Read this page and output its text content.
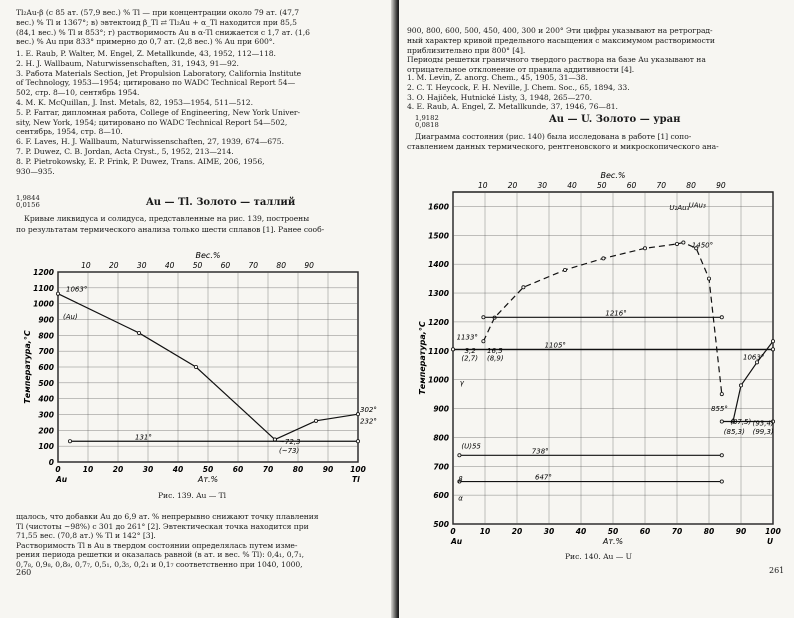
Tl₂Au-β (с 85 ат. (57,9 вес.) % Tl — при концентрации около 79 ат. (47,7
вес.) % Tl и 1367°; в) эвтектоид β_Tl ⇄ Tl₂Au + α_Tl находится при 85,5
(84,1 вес.) % Tl и 853°; г) растворимость Au в α-Tl снижается с 1,7 ат. (1,6
вес.) % Au при 833° примерно до 0,7 ат. (2,8 вес.) % Au при 600°.
1. E. Raub, P. Walter, M. Engel, Z. Metallkunde, 43, 1952, 112—118.
2. H. J. Wallbaum, Naturwissenschaften, 31, 1943, 91—92.
3. Работа Materials Section, Jet Propulsion Laboratory, California Institute
of Technology, 1953—1954; цитировано по WADC Technical Report 54—
502, стр. 8—10, сентябрь 1954.
4. M. K. McQuillan, J. Inst. Metals, 82, 1953—1954, 511—512.
5. P. Farrar, дипломная работа, College of Engineering, New York Univer-
sity, New York, 1954; цитировано по WADC Technical Report 54—502,
сентябрь, 1954, стр. 8—10.
6. F. Laves, H. J. Wallbaum, Naturwissenschaften, 27, 1939, 674—675.
7. P. Duwez, C. B. Jordan, Acta Cryst., 5, 1952, 213—214.
8. P. Pietrokowsky, E. P. Frink, P. Duwez, Trans. AIME, 206, 1956,
930—935.
1,9844
0,0156	Au — Tl. Золото — таллий
Кривые ликвидуса и солидуса, представленные на рис. 139, построены
по результатам термического анализа только шести сплавов [1]. Ранее сооб-
0
100
200
300
400
500
600
700
800
900
1000
1100
1200
0	10	20	30	40	50	60	70	80	90 100
10 20 30 40 50 60 70 80 90
Вес.%
Ат.%
Au	Tl
Температура,°C
1063°
(Au)
131°
~72,3
(~73)
302°
232°
Рис. 139. Au — Tl
щалось, что добавки Au до 6,9 ат. % непрерывно снижают точку плавления
Tl (чистоты ~98%) с 301 до 261° [2]. Эвтектическая точка находится при
71,55 вес. (70,8 ат.) % Tl и 142° [3].
Растворимость Tl в Au в твердом состоянии определялась путем изме-
рения периода решетки и оказалась равной (в ат. и вес. % Tl): 0,4₁, 0,7₁,
0,7₈, 0,9₈, 0,8₉, 0,7₇, 0,5₁, 0,3₅, 0,2₁ и 0,1₇ соответственно при 1040, 1000,
260
900, 800, 600, 500, 450, 400, 300 и 200° Эти цифры указывают на ретроград-
ный характер кривой предельного насыщения с максимумом растворимости
приблизительно при 800° [4].
Периоды решетки граничного твердого раствора на базе Au указывают на
отрицательное отклонение от правила аддитивности [4].
1. M. Levin, Z. anorg. Chem., 45, 1905, 31—38.
2. C. T. Heycock, F. H. Neville, J. Chem. Soc., 65, 1894, 33.
3. O. Hajiček, Hutnické Listy, 3, 1948, 265—270.
4. E. Raub, A. Engel, Z. Metallkunde, 37, 1946, 76—81.
1,9182
0,0818	Au — U. Золото — уран
Диаграмма состояния (рис. 140) была исследована в работе [1] сопо-
ставлением данных термического, рентгеновского и микроскопического ана-
500
600
700
800
900
1000
1100
1200
1300
1400
1500
1600
0	10	20	30	40	50	60	70	80	90	100
10	20	30	40	50	60	70	80	90
Вес.%
Ат.%
Au	U
Температура,°C
1450°
1216°
1133°
1105°
1063°
855°
738°
647°
U₂Au₃ UAu₃
(87,5)
(85,3)
(93,4)
(99,3)
3,2
(2,7)
16,5
(8,9)
(U)55
γ
β
α
Рис. 140. Au — U
261
